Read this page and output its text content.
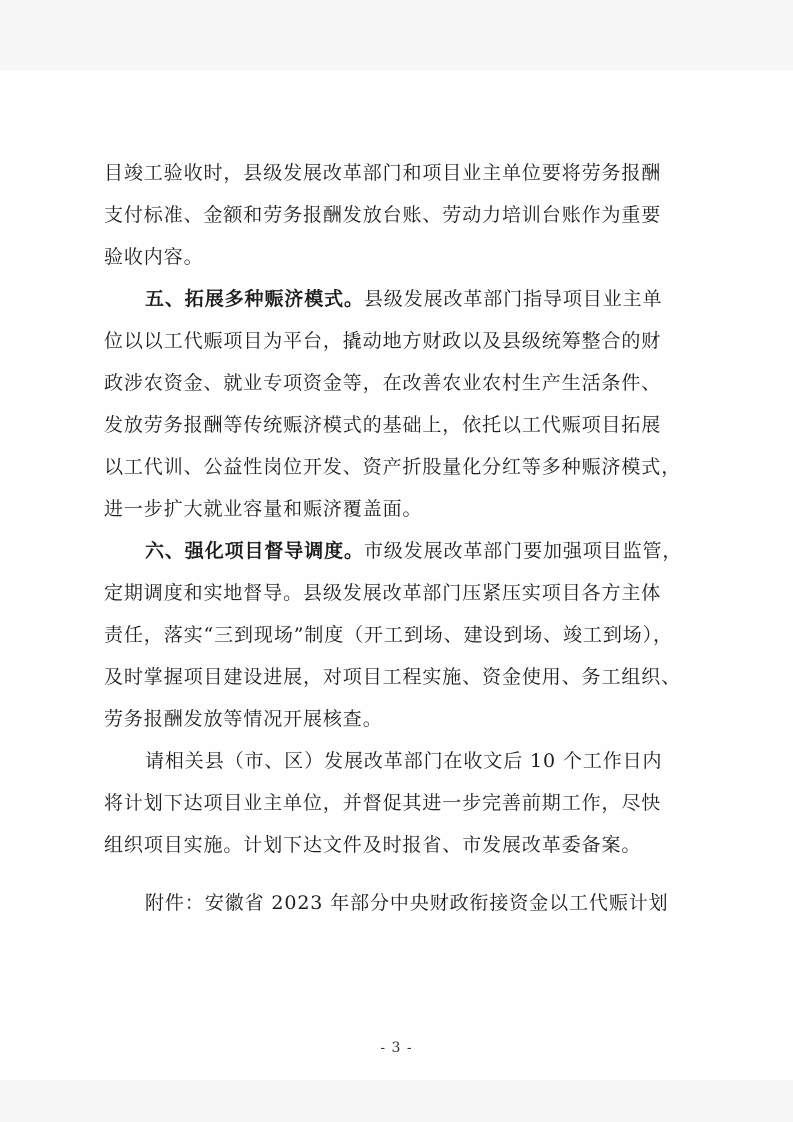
目竣工验收时，县级发展改革部门和项目业主单位要将劳务报酬
支付标准、金额和劳务报酬发放台账、劳动力培训台账作为重要
验收内容。
五、拓展多种赈济模式。县级发展改革部门指导项目业主单
位以以工代赈项目为平台，撬动地方财政以及县级统筹整合的财
政涉农资金、就业专项资金等，在改善农业农村生产生活条件、
发放劳务报酬等传统赈济模式的基础上，依托以工代赈项目拓展
以工代训、公益性岗位开发、资产折股量化分红等多种赈济模式，
进一步扩大就业容量和赈济覆盖面。
六、强化项目督导调度。市级发展改革部门要加强项目监管，
定期调度和实地督导。县级发展改革部门压紧压实项目各方主体
责任，落实“三到现场”制度（开工到场、建设到场、竣工到场），
及时掌握项目建设进展，对项目工程实施、资金使用、务工组织、
劳务报酬发放等情况开展核查。
请相关县（市、区）发展改革部门在收文后 10 个工作日内
将计划下达项目业主单位，并督促其进一步完善前期工作，尽快
附件：安徽省 2023 年部分中央财政衔接资金以工代赈计划
- 3 -
组织项目实施。计划下达文件及时报省、市发展改革委备案。
